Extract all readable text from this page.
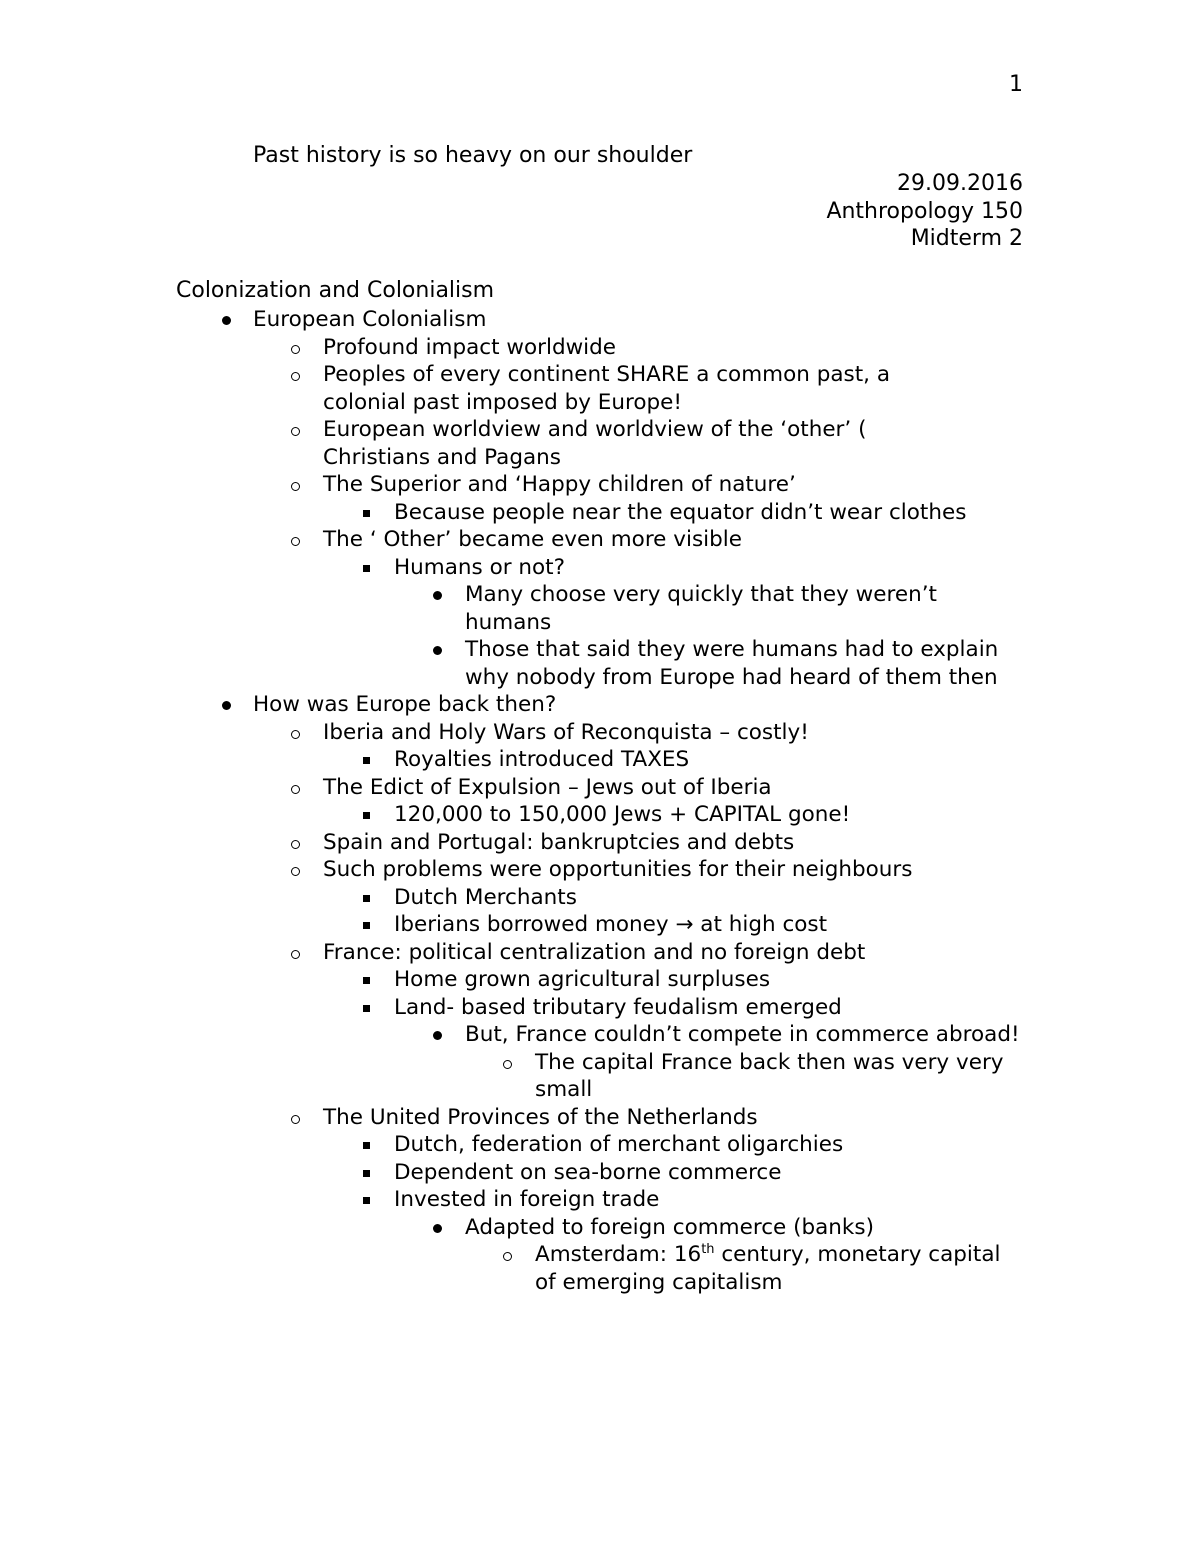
1
Past history is so heavy on our shoulder
29.09.2016
Anthropology 150
Midterm 2
Colonization and Colonialism
European Colonialism
Profound impact worldwide
Peoples of every continent SHARE a common past, a colonial past imposed by Europe!
European worldview and worldview of the ‘other’ ( Christians and Pagans
The Superior and ‘Happy children of nature’
Because people near the equator didn’t wear clothes
The ‘ Other’ became even more visible
Humans or not?
Many choose very quickly that they weren’t humans
Those that said they were humans had to explain why nobody from Europe had heard of them then
How was Europe back then?
Iberia and Holy Wars of Reconquista – costly!
Royalties introduced TAXES
The Edict of Expulsion – Jews out of Iberia
120,000 to 150,000 Jews + CAPITAL gone!
Spain and Portugal: bankruptcies and debts
Such problems were opportunities for their neighbours
Dutch Merchants
Iberians borrowed money → at high cost
France: political centralization and no foreign debt
Home grown agricultural surpluses
Land- based tributary feudalism emerged
But, France couldn’t compete in commerce abroad!
The capital France back then was very very small
The United Provinces of the Netherlands
Dutch, federation of merchant oligarchies
Dependent on sea-borne commerce
Invested in foreign trade
Adapted to foreign commerce (banks)
Amsterdam: 16th century, monetary capital of emerging capitalism
